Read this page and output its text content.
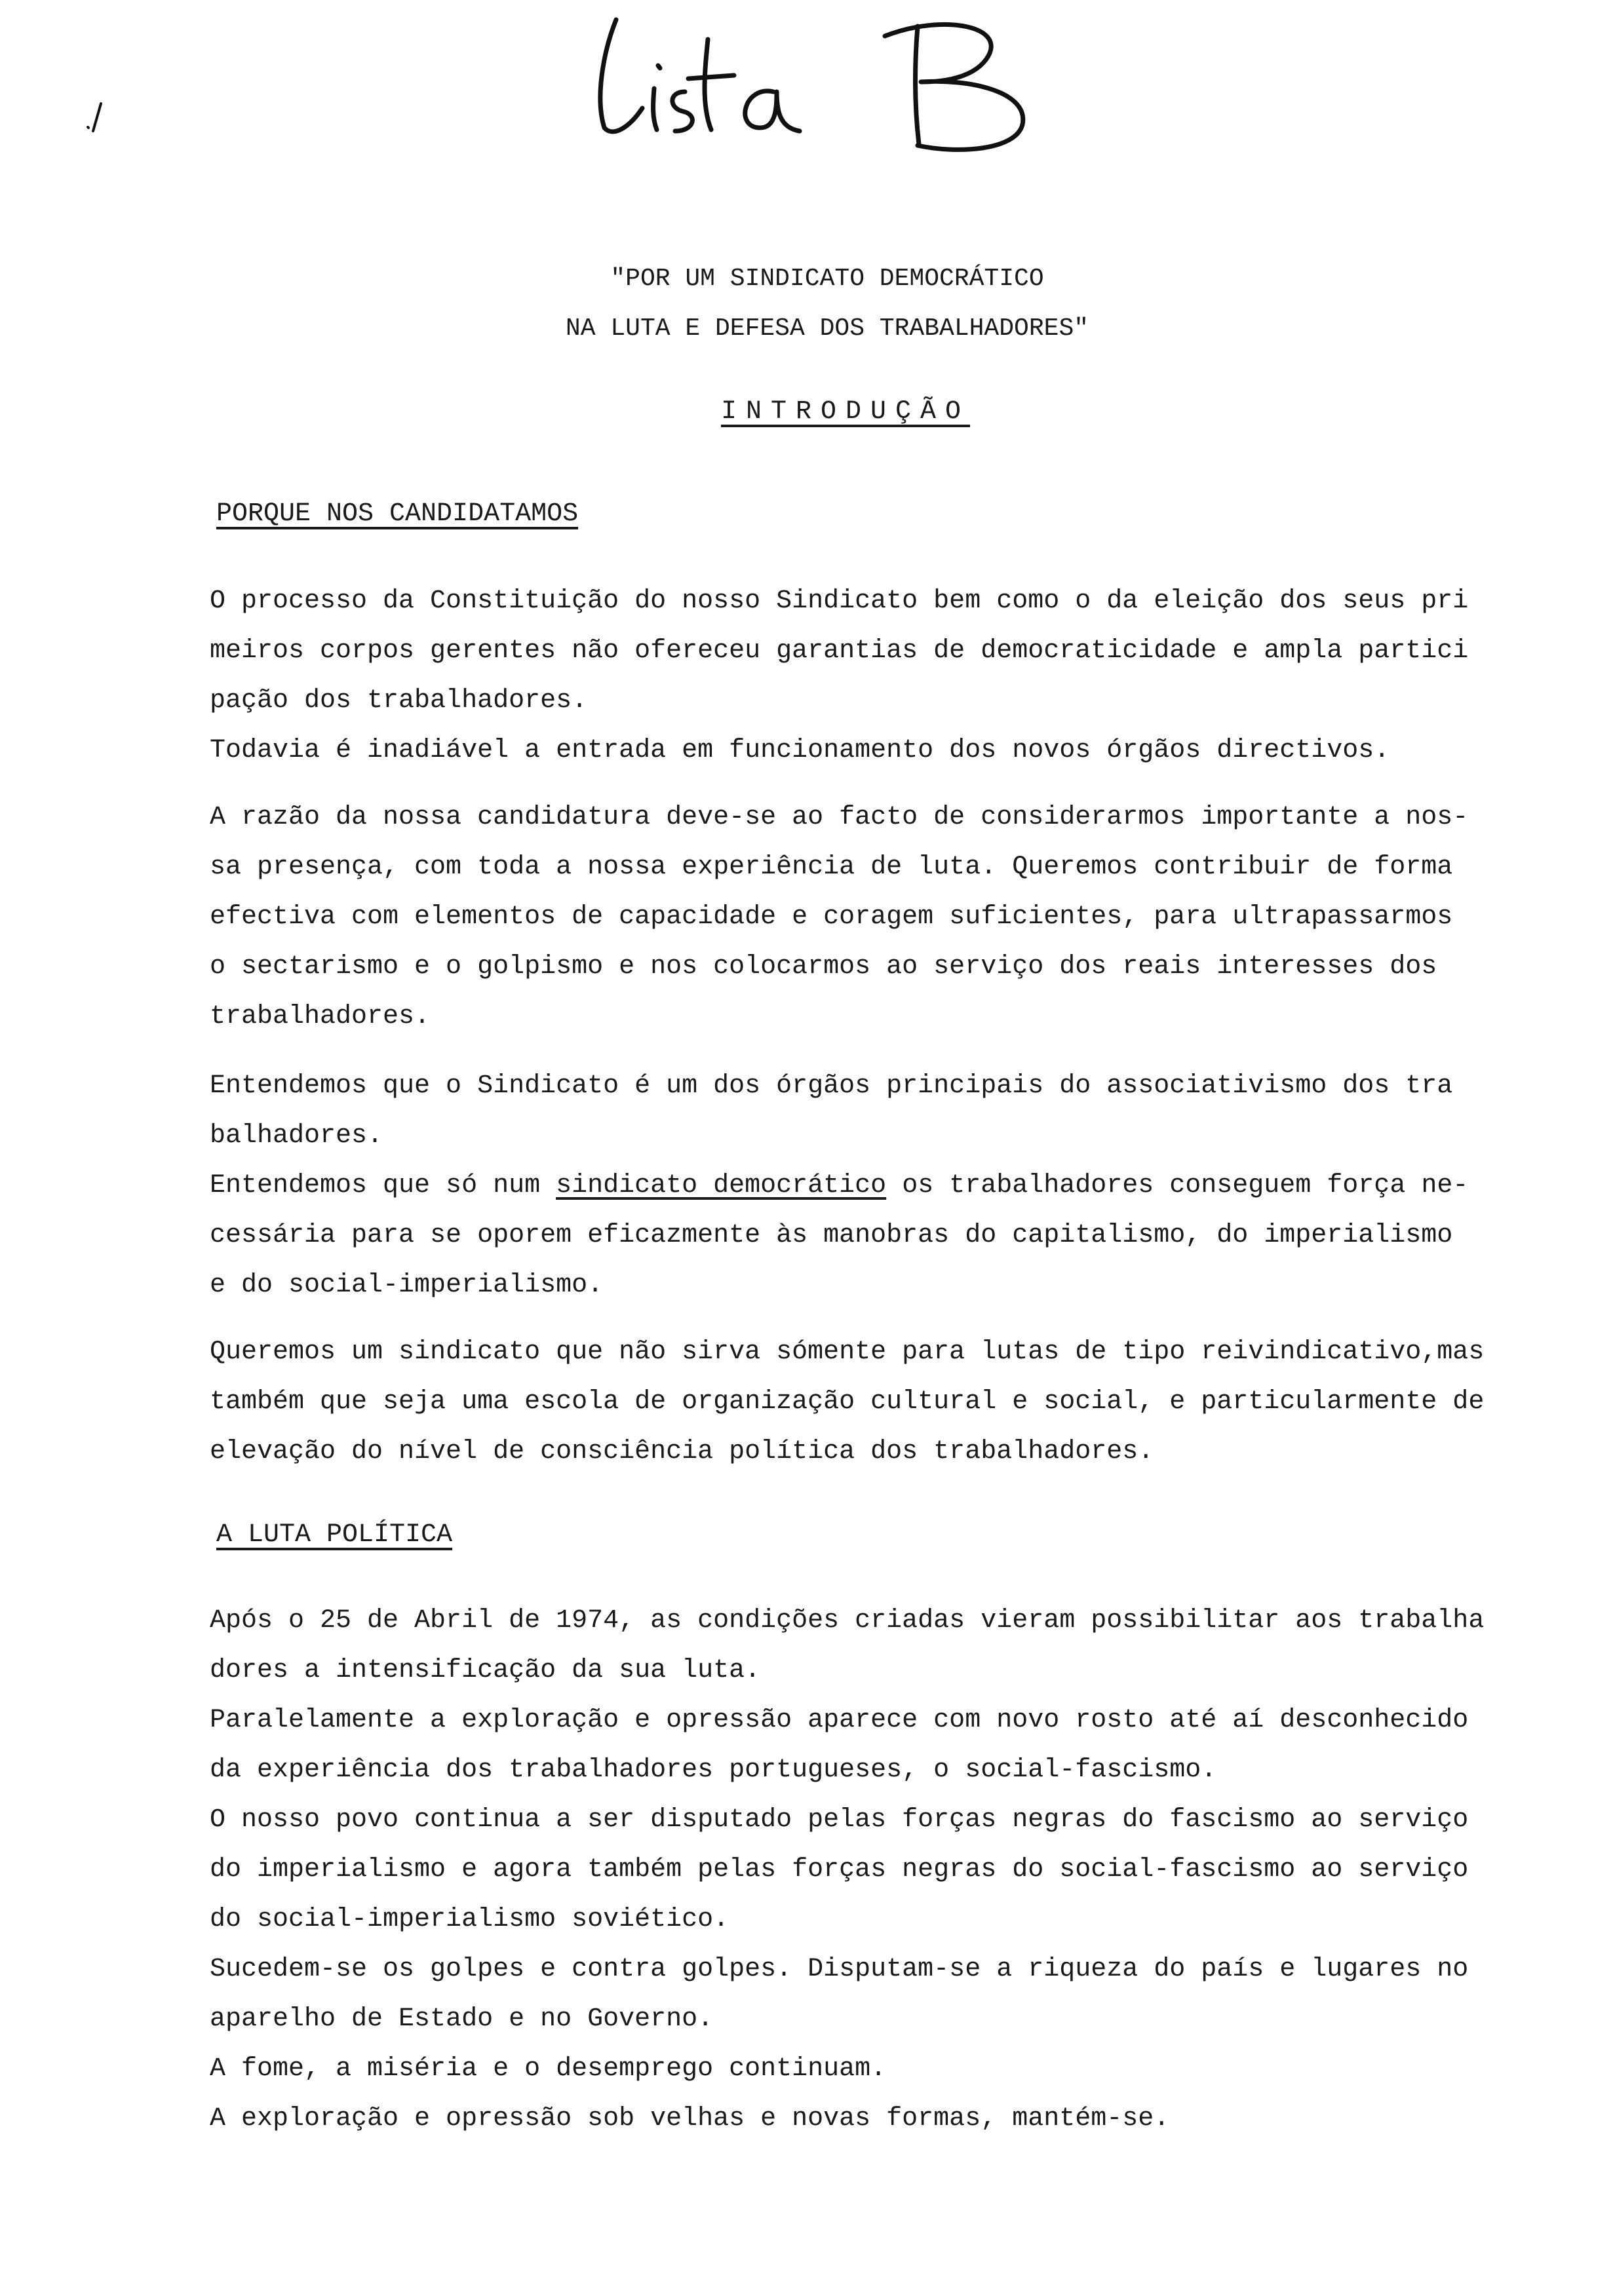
"POR UM SINDICATO DEMOCRÁTICO
NA LUTA E DEFESA DOS TRABALHADORES"
INTRODUÇÃO
PORQUE NOS CANDIDATAMOS

O processo da Constituição do nosso Sindicato bem como o da eleição dos seus pri
meiros corpos gerentes não ofereceu garantias de democraticidade e ampla partici
pação dos trabalhadores.
Todavia é inadiável a entrada em funcionamento dos novos órgãos directivos.

A razão da nossa candidatura deve-se ao facto de considerarmos importante a nos-
sa presença, com toda a nossa experiência de luta. Queremos contribuir de forma
efectiva com elementos de capacidade e coragem suficientes, para ultrapassarmos
o sectarismo e o golpismo e nos colocarmos ao serviço dos reais interesses dos
trabalhadores.

Entendemos que o Sindicato é um dos órgãos principais do associativismo dos tra
balhadores.
Entendemos que só num sindicato democrático os trabalhadores conseguem força ne-
cessária para se oporem eficazmente às manobras do capitalismo, do imperialismo
e do social-imperialismo.

Queremos um sindicato que não sirva sómente para lutas de tipo reivindicativo,mas
também que seja uma escola de organização cultural e social, e particularmente de
elevação do nível de consciência política dos trabalhadores.

A LUTA POLÍTICA

Após o 25 de Abril de 1974, as condições criadas vieram possibilitar aos trabalha
dores a intensificação da sua luta.
Paralelamente a exploração e opressão aparece com novo rosto até aí desconhecido
da experiência dos trabalhadores portugueses, o social-fascismo.
O nosso povo continua a ser disputado pelas forças negras do fascismo ao serviço
do imperialismo e agora também pelas forças negras do social-fascismo ao serviço
do social-imperialismo soviético.
Sucedem-se os golpes e contra golpes. Disputam-se a riqueza do país e lugares no
aparelho de Estado e no Governo.
A fome, a miséria e o desemprego continuam.
A exploração e opressão sob velhas e novas formas, mantém-se.
